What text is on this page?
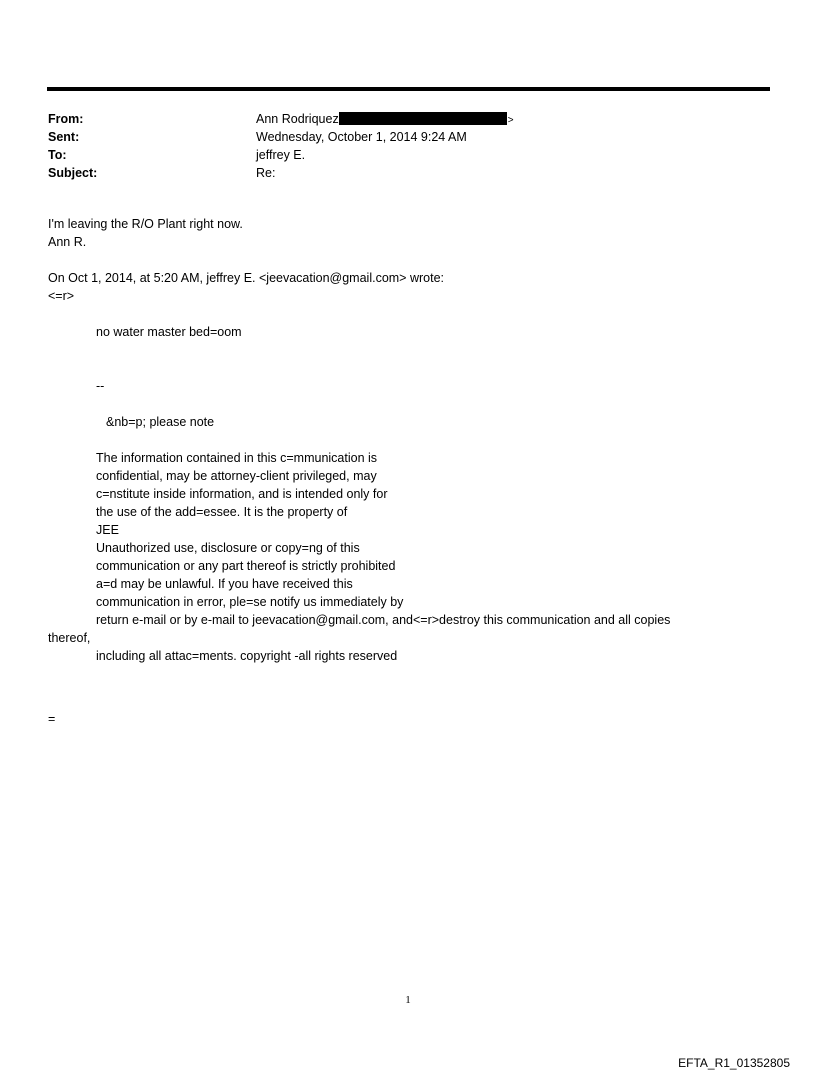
From:	Ann Rodriquez	>
Sent:	Wednesday, October 1, 2014 9:24 AM
To:	jeffrey E.
Subject:	Re:
I'm leaving the R/O Plant right now.
Ann R.
On Oct 1, 2014, at 5:20 AM, jeffrey E. <jeevacation@gmail.com> wrote:
<=r>
no water master bed=oom
--
&nb=p; please note
The information contained in this c=mmunication is
confidential, may be attorney-client privileged, may
c=nstitute inside information, and is intended only for
the use of the add=essee. It is the property of
JEE
Unauthorized use, disclosure or copy=ng of this
communication or any part thereof is strictly prohibited
a=d may be unlawful. If you have received this
communication in error, ple=se notify us immediately by
return e-mail or by e-mail to jeevacation@gmail.com, and<=r>destroy this communication and all copies
thereof,
including all attac=ments. copyright -all rights reserved
=
1
EFTA_R1_01352805
